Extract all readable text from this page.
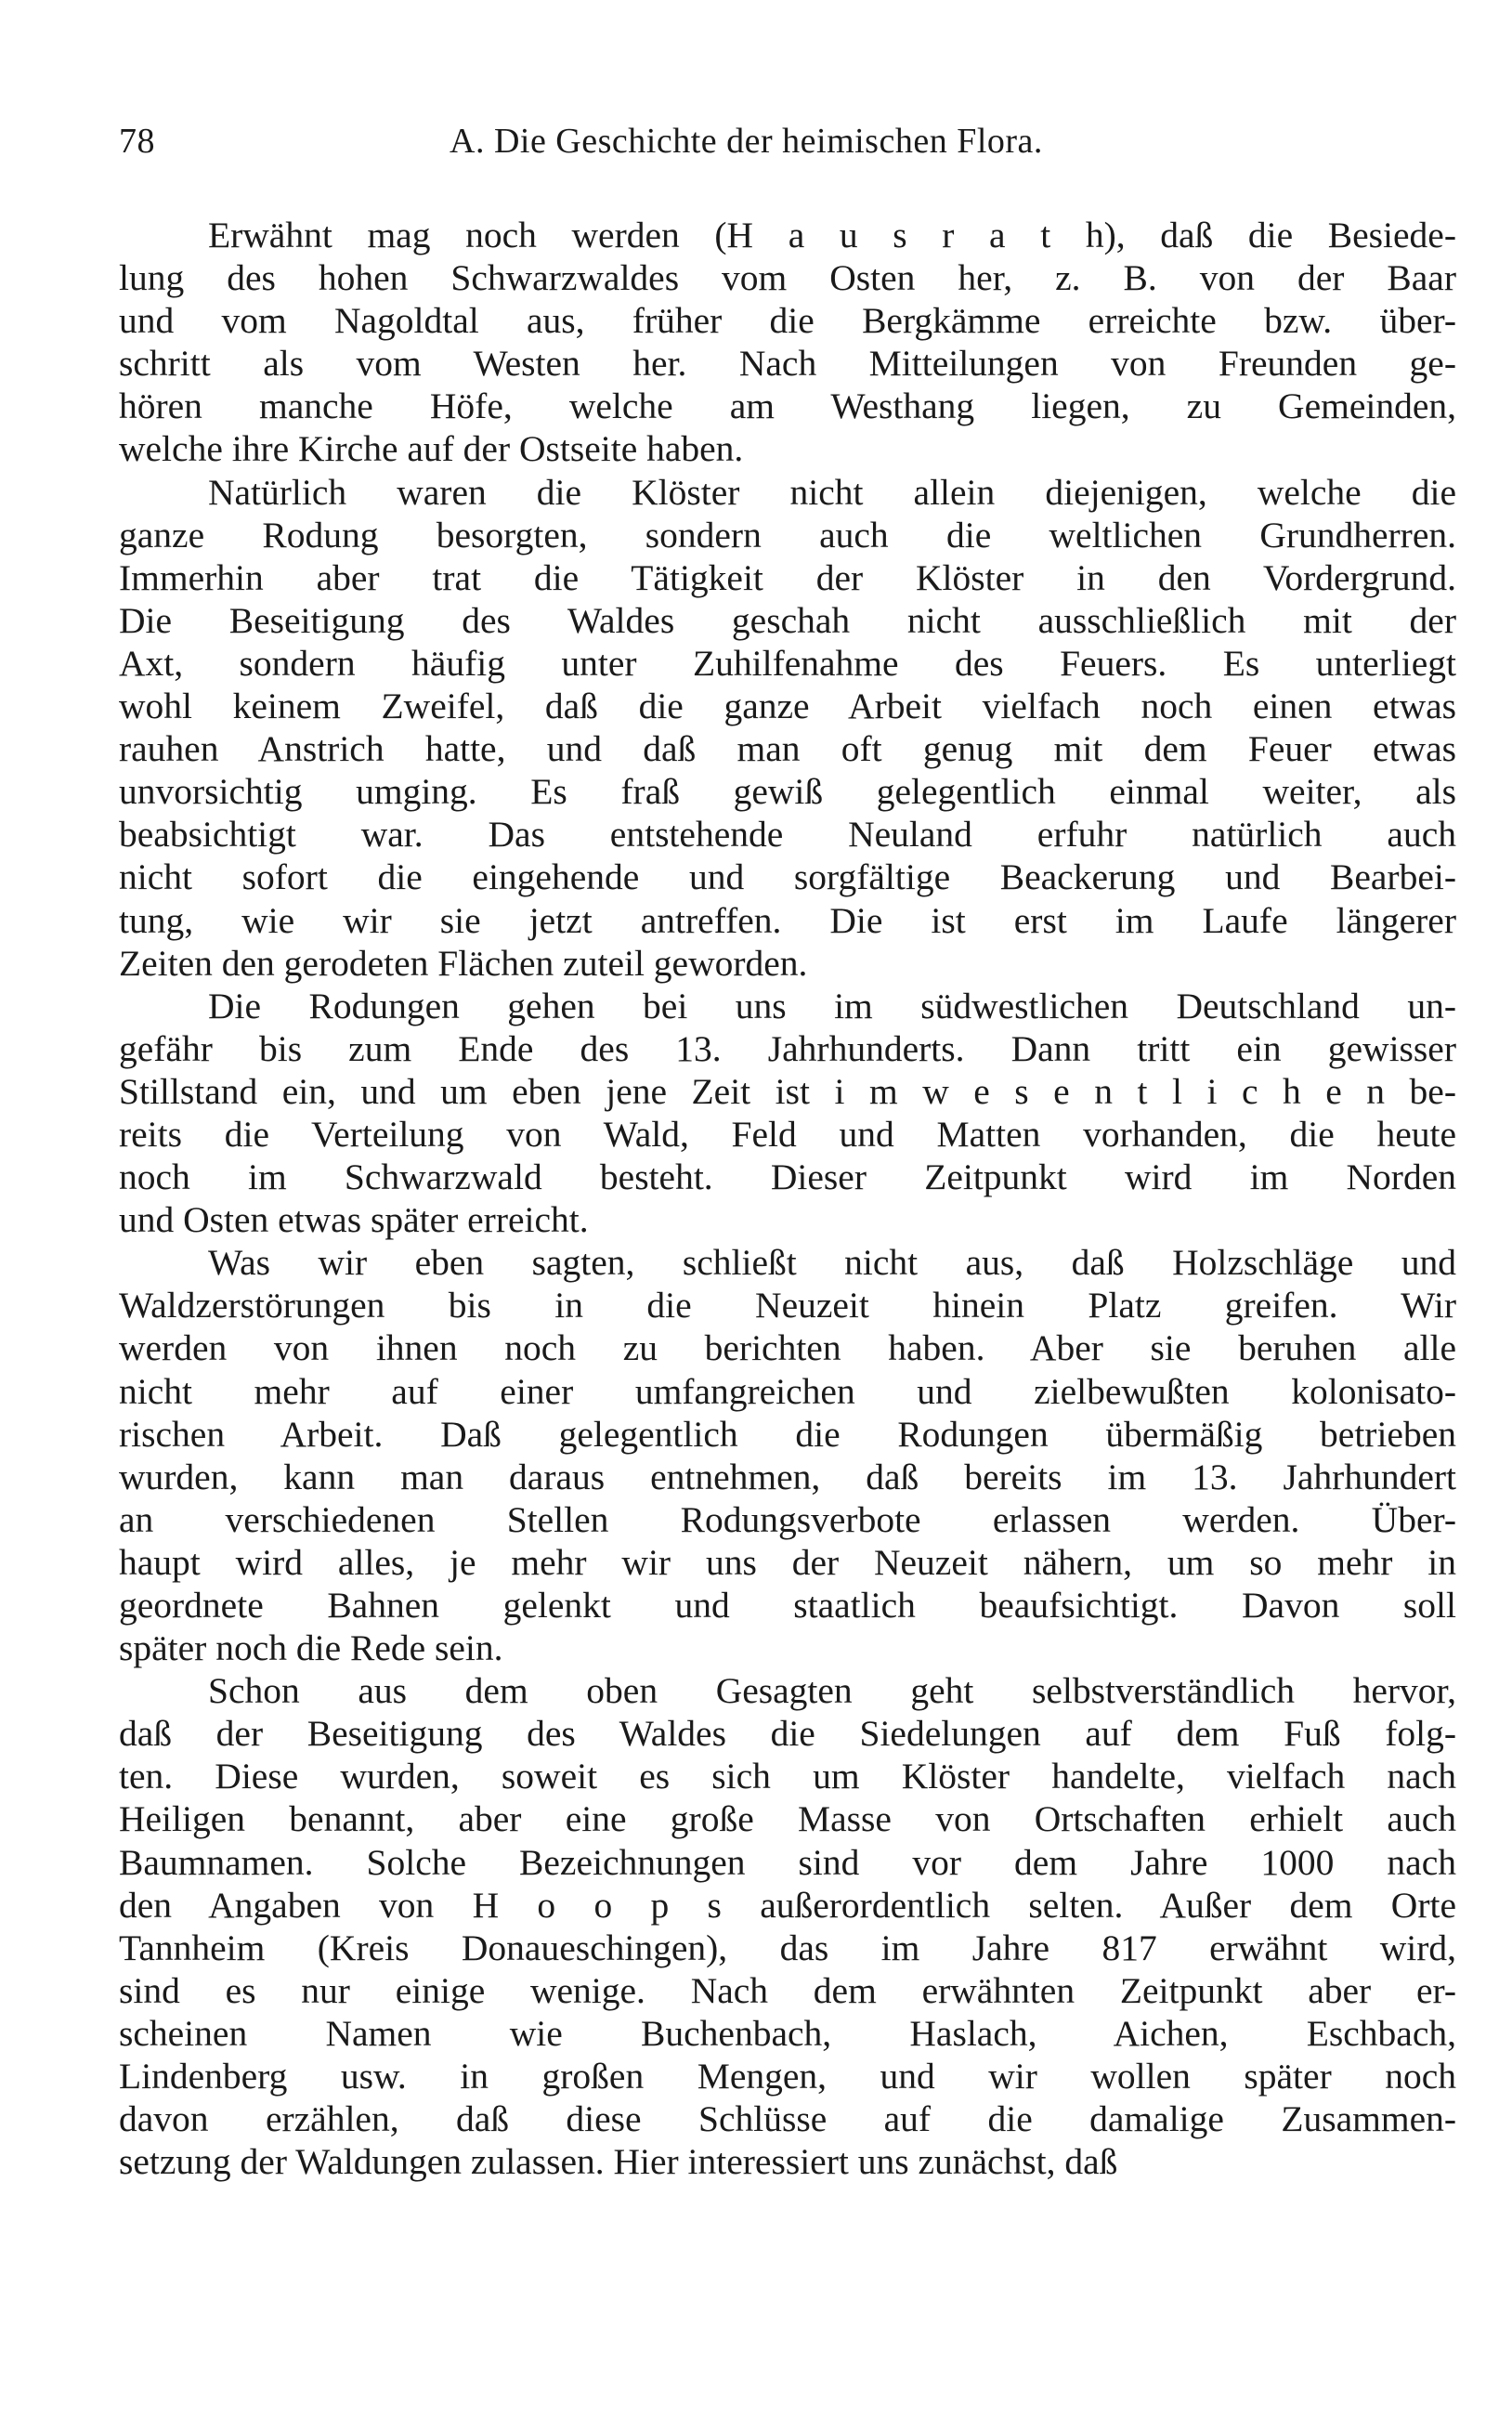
78	A. Die Geschichte der heimischen Flora.
Erwähnt mag noch werden (H a u s r a t h), daß die Besiede-
lung des hohen Schwarzwaldes vom Osten her, z. B. von der Baar
und vom Nagoldtal aus, früher die Bergkämme erreichte bzw. über-
schritt als vom Westen her. Nach Mitteilungen von Freunden ge-
hören manche Höfe, welche am Westhang liegen, zu Gemeinden,
welche ihre Kirche auf der Ostseite haben.
Natürlich waren die Klöster nicht allein diejenigen, welche die
ganze Rodung besorgten, sondern auch die weltlichen Grundherren.
Immerhin aber trat die Tätigkeit der Klöster in den Vordergrund.
Die Beseitigung des Waldes geschah nicht ausschließlich mit der
Axt, sondern häufig unter Zuhilfenahme des Feuers. Es unterliegt
wohl keinem Zweifel, daß die ganze Arbeit vielfach noch einen etwas
rauhen Anstrich hatte, und daß man oft genug mit dem Feuer etwas
unvorsichtig umging. Es fraß gewiß gelegentlich einmal weiter, als
beabsichtigt war. Das entstehende Neuland erfuhr natürlich auch
nicht sofort die eingehende und sorgfältige Beackerung und Bearbei-
tung, wie wir sie jetzt antreffen. Die ist erst im Laufe längerer
Zeiten den gerodeten Flächen zuteil geworden.
Die Rodungen gehen bei uns im südwestlichen Deutschland un-
gefähr bis zum Ende des 13. Jahrhunderts. Dann tritt ein gewisser
Stillstand ein, und um eben jene Zeit ist i m w e s e n t l i c h e n be-
reits die Verteilung von Wald, Feld und Matten vorhanden, die heute
noch im Schwarzwald besteht. Dieser Zeitpunkt wird im Norden
und Osten etwas später erreicht.
Was wir eben sagten, schließt nicht aus, daß Holzschläge und
Waldzerstörungen bis in die Neuzeit hinein Platz greifen. Wir
werden von ihnen noch zu berichten haben. Aber sie beruhen alle
nicht mehr auf einer umfangreichen und zielbewußten kolonisato-
rischen Arbeit. Daß gelegentlich die Rodungen übermäßig betrieben
wurden, kann man daraus entnehmen, daß bereits im 13. Jahrhundert
an verschiedenen Stellen Rodungsverbote erlassen werden. Über-
haupt wird alles, je mehr wir uns der Neuzeit nähern, um so mehr in
geordnete Bahnen gelenkt und staatlich beaufsichtigt. Davon soll
später noch die Rede sein.
Schon aus dem oben Gesagten geht selbstverständlich hervor,
daß der Beseitigung des Waldes die Siedelungen auf dem Fuß folg-
ten. Diese wurden, soweit es sich um Klöster handelte, vielfach nach
Heiligen benannt, aber eine große Masse von Ortschaften erhielt auch
Baumnamen. Solche Bezeichnungen sind vor dem Jahre 1000 nach
den Angaben von H o o p s außerordentlich selten. Außer dem Orte
Tannheim (Kreis Donaueschingen), das im Jahre 817 erwähnt wird,
sind es nur einige wenige. Nach dem erwähnten Zeitpunkt aber er-
scheinen Namen wie Buchenbach, Haslach, Aichen, Eschbach,
Lindenberg usw. in großen Mengen, und wir wollen später noch
davon erzählen, daß diese Schlüsse auf die damalige Zusammen-
setzung der Waldungen zulassen. Hier interessiert uns zunächst, daß
